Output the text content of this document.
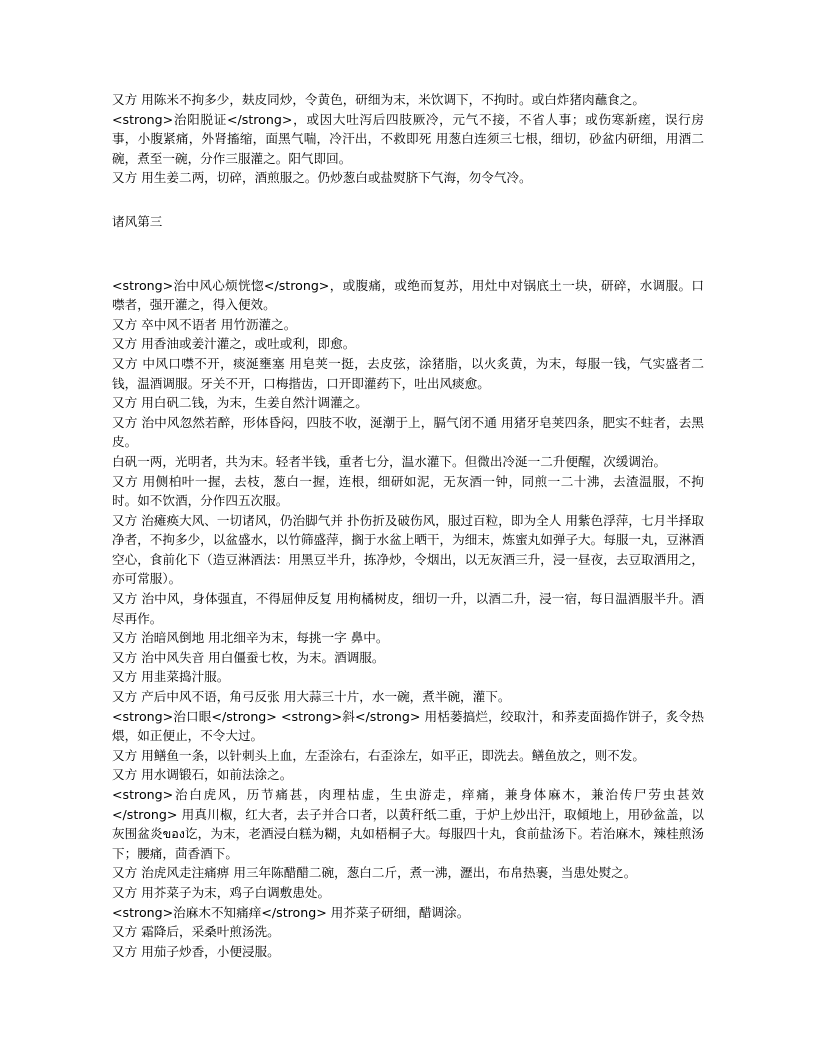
又方 用陈米不拘多少，麸皮同炒，令黄色，研细为末，米饮调下，不拘时。或白炸猪肉蘸食之。

<strong>治阳脱证</strong>，或因大吐泻后四肢厥冷，元气不接，不省人事；或伤寒新瘥，误行房事，小腹紧痛，外肾搐缩，面黑气喘，冷汗出，不救即死 用葱白连须三七根，细切，砂盆内研细，用酒二碗，煮至一碗，分作三服灌之。阳气即回。

又方 用生姜二两，切碎，酒煎服之。仍炒葱白或盐熨脐下气海，勿令气冷。

诸风第三

<strong>治中风心烦恍惚</strong>，或腹痛，或绝而复苏，用灶中对锅底土一块，研碎，水调服。口噤者，强开灌之，得入便效。

又方 卒中风不语者 用竹沥灌之。

又方 用香油或姜汁灌之，或吐或利，即愈。

又方 中风口噤不开，痰涎壅塞 用皂荚一挺，去皮弦，涂猪脂，以火炙黄，为末，每服一钱，气实盛者二钱，温酒调服。牙关不开，口梅揩齿，口开即灌药下，吐出风痰愈。

又方 用白矾二钱，为末，生姜自然汁调灌之。

又方 治中风忽然若醉，形体昏闷，四肢不收，涎潮于上，膈气闭不通 用猪牙皂荚四条，肥实不蛀者，去黑皮。

白矾一两，光明者，共为末。轻者半钱，重者七分，温水灌下。但微出冷涎一二升便醒，次缓调治。

又方 用侧柏叶一握，去枝，葱白一握，连根，细研如泥，无灰酒一钟，同煎一二十沸，去渣温服，不拘时。如不饮酒，分作四五次服。

又方 治瘫痪大风、一切诸风，仍治脚气并 扑伤折及破伤风，服过百粒，即为全人 用紫色浮萍，七月半择取净者，不拘多少，以盆盛水，以竹筛盛萍，搁于水盆上晒干，为细末，炼蜜丸如弹子大。每服一丸，豆淋酒空心，食前化下（造豆淋酒法：用黑豆半升，拣净炒，令烟出，以无灰酒三升，浸一昼夜，去豆取酒用之，亦可常服）。

又方 治中风，身体强直，不得屈伸反复 用枸橘树皮，细切一升，以酒二升，浸一宿，每日温酒服半升。酒尽再作。

又方 治暗风倒地 用北细辛为末，每挑一字 鼻中。

又方 治中风失音 用白僵蚕七枚，为末。酒调服。

又方 用韭菜捣汁服。

又方 产后中风不语，角弓反张 用大蒜三十片，水一碗，煮半碗，灌下。

<strong>治口眼</strong> <strong>斜</strong> 用栝蒌搞烂，绞取汁，和荞麦面捣作饼子，炙令热煨，如正便止，不令大过。

又方 用鳝鱼一条，以针刺头上血，左歪涂右，右歪涂左，如平正，即洗去。鳝鱼放之，则不发。

又方 用水调锻石，如前法涂之。

<strong>治白虎风，历节痛甚，肉理枯虚，生虫游走，痒痛，兼身体麻木，兼治传尸劳虫甚效</strong> 用真川椒，红大者，去子并合口者，以黄秆纸二重，于炉上炒出汗，取傾地上，用砂盆盖，以灰围盆炎ของ讫，为末，老酒浸白糕为糊，丸如梧桐子大。每服四十丸，食前盐汤下。若治麻木，辣桂煎汤下；腰痛，茴香酒下。

又方 治虎风走注痛痹 用三年陈醋醋二碗，葱白二斤，煮一沸，瀝出，布帛热裹，当患处熨之。

又方 用芥菜子为末，鸡子白调敷患处。

<strong>治麻木不知痛痒</strong> 用芥菜子研细，醋调涂。

又方 霜降后，采桑叶煎汤洗。

又方 用茄子炒香，小便浸服。
